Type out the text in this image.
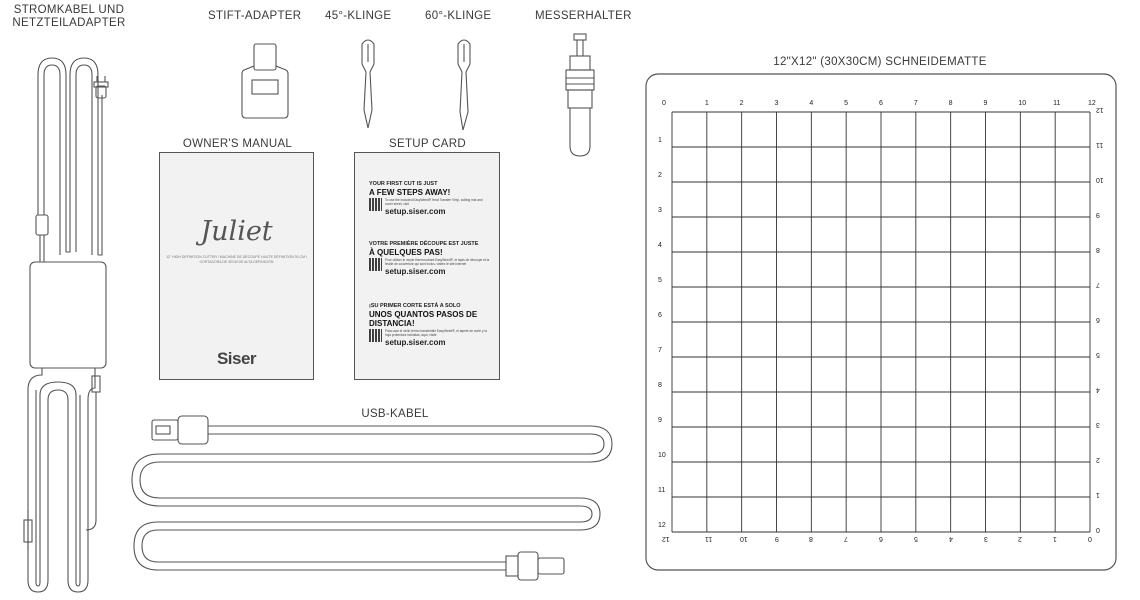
STROMKABEL UND NETZTEILADAPTER
STIFT-ADAPTER 45°-KLINGE	60°-KLINGE	MESSERHALTER
12"X12" (30X30CM) SCHNEIDEMATTE
OWNER'S MANUAL	SETUP CARD
USB-KABEL
Juliet
12" HIGH DEFINITION CUTTER / MACHINE DE DÉCOUPE HAUTE DÉFINITION 30 CM / CORTADORA DE 30CM DE ALTA DEFINICIÓN
Siser
YOUR FIRST CUT IS JUST
A FEW STEPS AWAY!
To use the included EasyWeed® Heat Transfer Vinyl, cutting mat and cover sheet, visit
setup.siser.com
VOTRE PREMIÈRE DÉCOUPE EST JUSTE
À QUELQUES PAS!
Pour utiliser le vinyle thermocollant EasyWeed®, le tapis de découpe et la feuille de couverture qui sont inclus, visitez le site internet
setup.siser.com
¡SU PRIMER CORTE ESTÁ A SOLO
UNOS QUANTOS PASOS DE DISTANCIA!
Para usar el vinilo termo transferible EasyWeed®, el tapete de corte y la hoja protectora incluidas, aquí, visite
setup.siser.com
0	1	2	3	4	5	6	7	8	9	10	11	12
1
2
3
4
5
6
7
8
9
10
11
12
12	11	10	9	8	7	6	5	4	3	2	1	0
12
11
10
9
8
7
6
5
4
3
2
1
0
